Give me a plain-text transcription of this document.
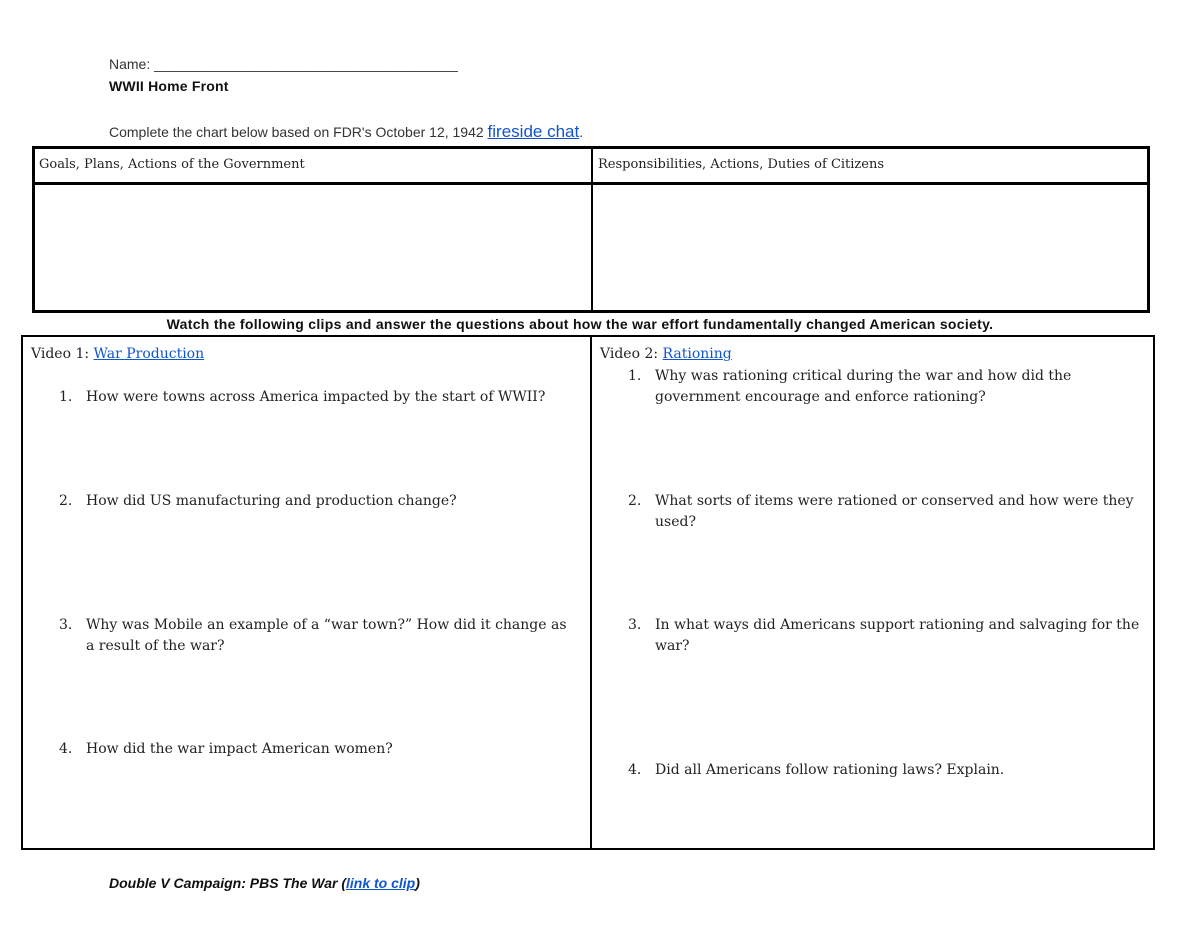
Name: _______________________________________
WWII Home Front
Complete the chart below based on FDR's October 12, 1942 fireside chat.
Goals, Plans, Actions of the Government	Responsibilities, Actions, Duties of Citizens
Watch the following clips and answer the questions about how the war effort fundamentally changed American society.
Video 1: War Production
1. How were towns across America impacted by the start of WWII?
2. How did US manufacturing and production change?
3. Why was Mobile an example of a “war town?” How did it change as a result of the war?
4. How did the war impact American women?
Video 2: Rationing
1. Why was rationing critical during the war and how did the government encourage and enforce rationing?
2. What sorts of items were rationed or conserved and how were they used?
3. In what ways did Americans support rationing and salvaging for the war?
4. Did all Americans follow rationing laws? Explain.
Double V Campaign: PBS The War (link to clip)
